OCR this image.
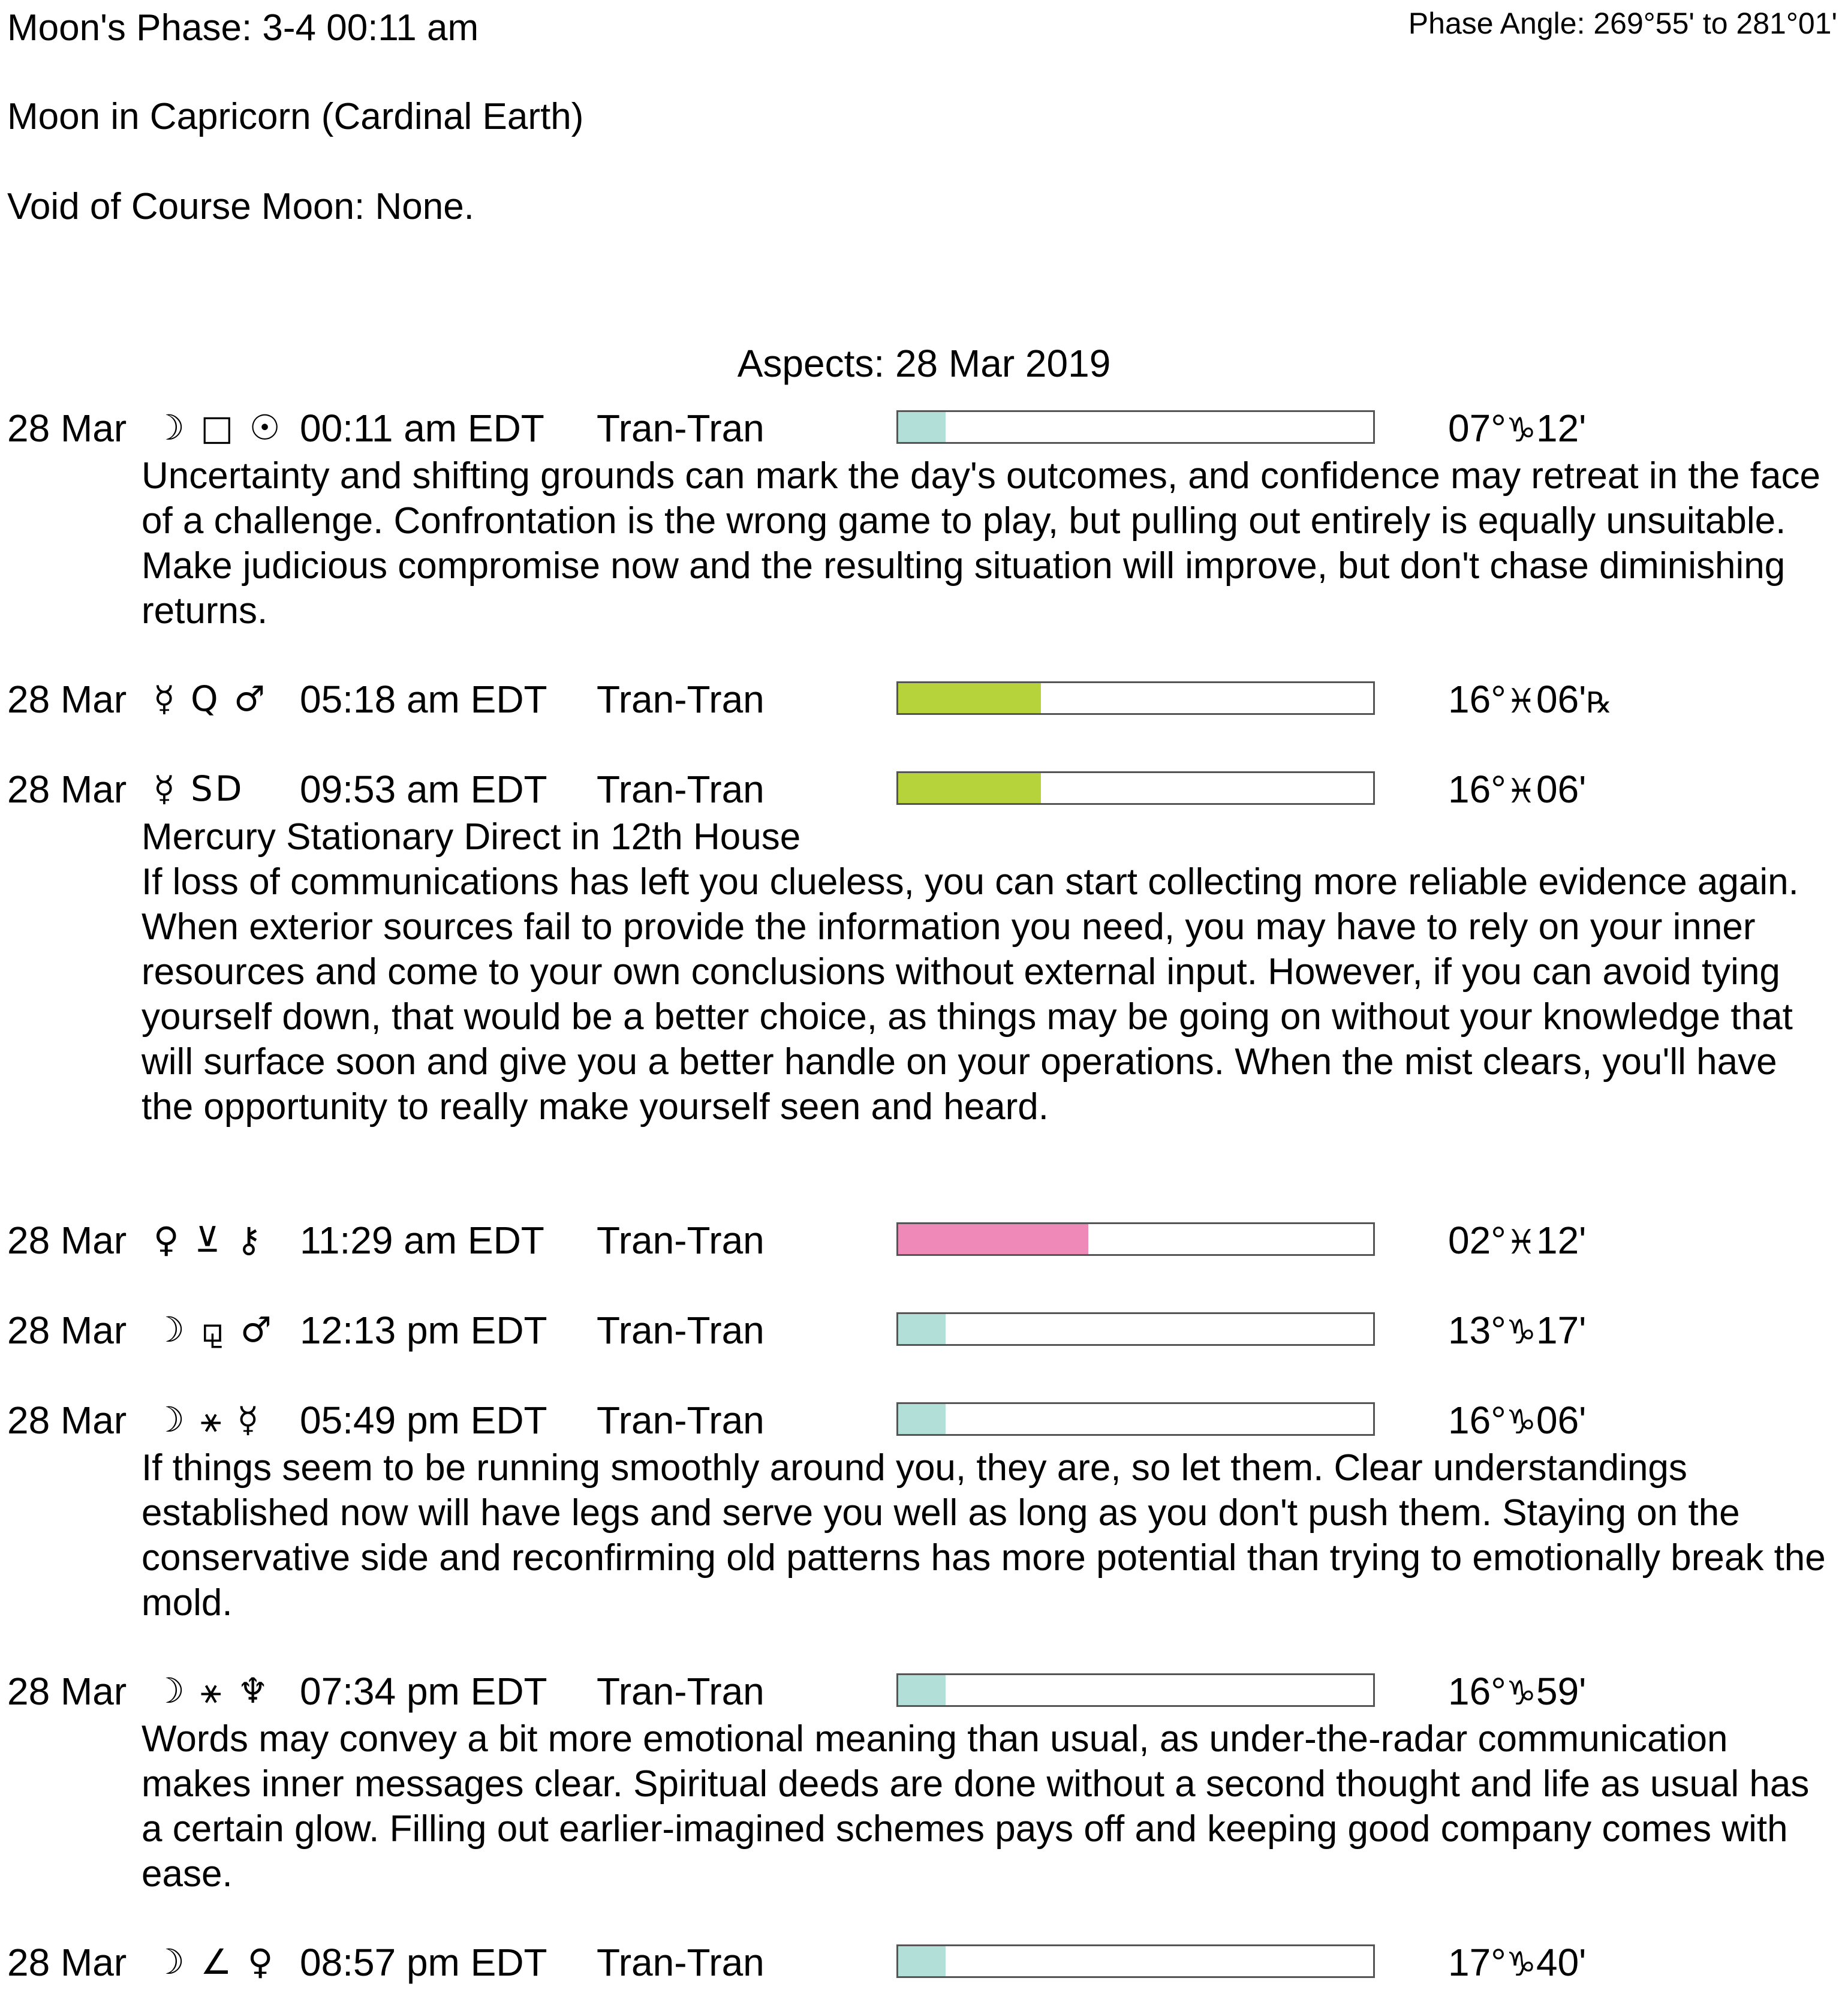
Moon's Phase: 3-4 00:11 am	Phase Angle: 269°55' to 281°01'
Moon in Capricorn (Cardinal Earth)
Void of Course Moon: None.
Aspects: 28 Mar 2019
28 Mar ☽ □ ☉ 00:11 am EDT Tran-Tran	07°♑12'

Uncertainty and shifting grounds can mark the day's outcomes, and confidence may retreat in the face of a challenge. Confrontation is the wrong game to play, but pulling out entirely is equally unsuitable. Make judicious compromise now and the resulting situation will improve, but don't chase diminishing returns.

28 Mar ☿ Q ♂ 05:18 am EDT Tran-Tran	16°♓06'℞
28 Mar ☿ SD 09:53 am EDT Tran-Tran	16°♓06'

Mercury Stationary Direct in 12th House

If loss of communications has left you clueless, you can start collecting more reliable evidence again. When exterior sources fail to provide the information you need, you may have to rely on your inner resources and come to your own conclusions without external input. However, if you can avoid tying yourself down, that would be a better choice, as things may be going on without your knowledge that will surface soon and give you a better handle on your operations. When the mist clears, you'll have the opportunity to really make yourself seen and heard.

28 Mar ♀ ⊻ ⚷ 11:29 am EDT Tran-Tran	02°♓12'
28 Mar ☽ ⚼ ♂ 12:13 pm EDT Tran-Tran	13°♑17'
28 Mar ☽ ⚹ ☿ 05:49 pm EDT Tran-Tran	16°♑06'

If things seem to be running smoothly around you, they are, so let them. Clear understandings established now will have legs and serve you well as long as you don't push them. Staying on the conservative side and reconfirming old patterns has more potential than trying to emotionally break the mold.

28 Mar ☽ ⚹ ♆ 07:34 pm EDT Tran-Tran	16°♑59'

Words may convey a bit more emotional meaning than usual, as under-the-radar communication makes inner messages clear. Spiritual deeds are done without a second thought and life as usual has a certain glow. Filling out earlier-imagined schemes pays off and keeping good company comes with ease.

28 Mar ☽ ∠ ♀ 08:57 pm EDT Tran-Tran	17°♑40'
